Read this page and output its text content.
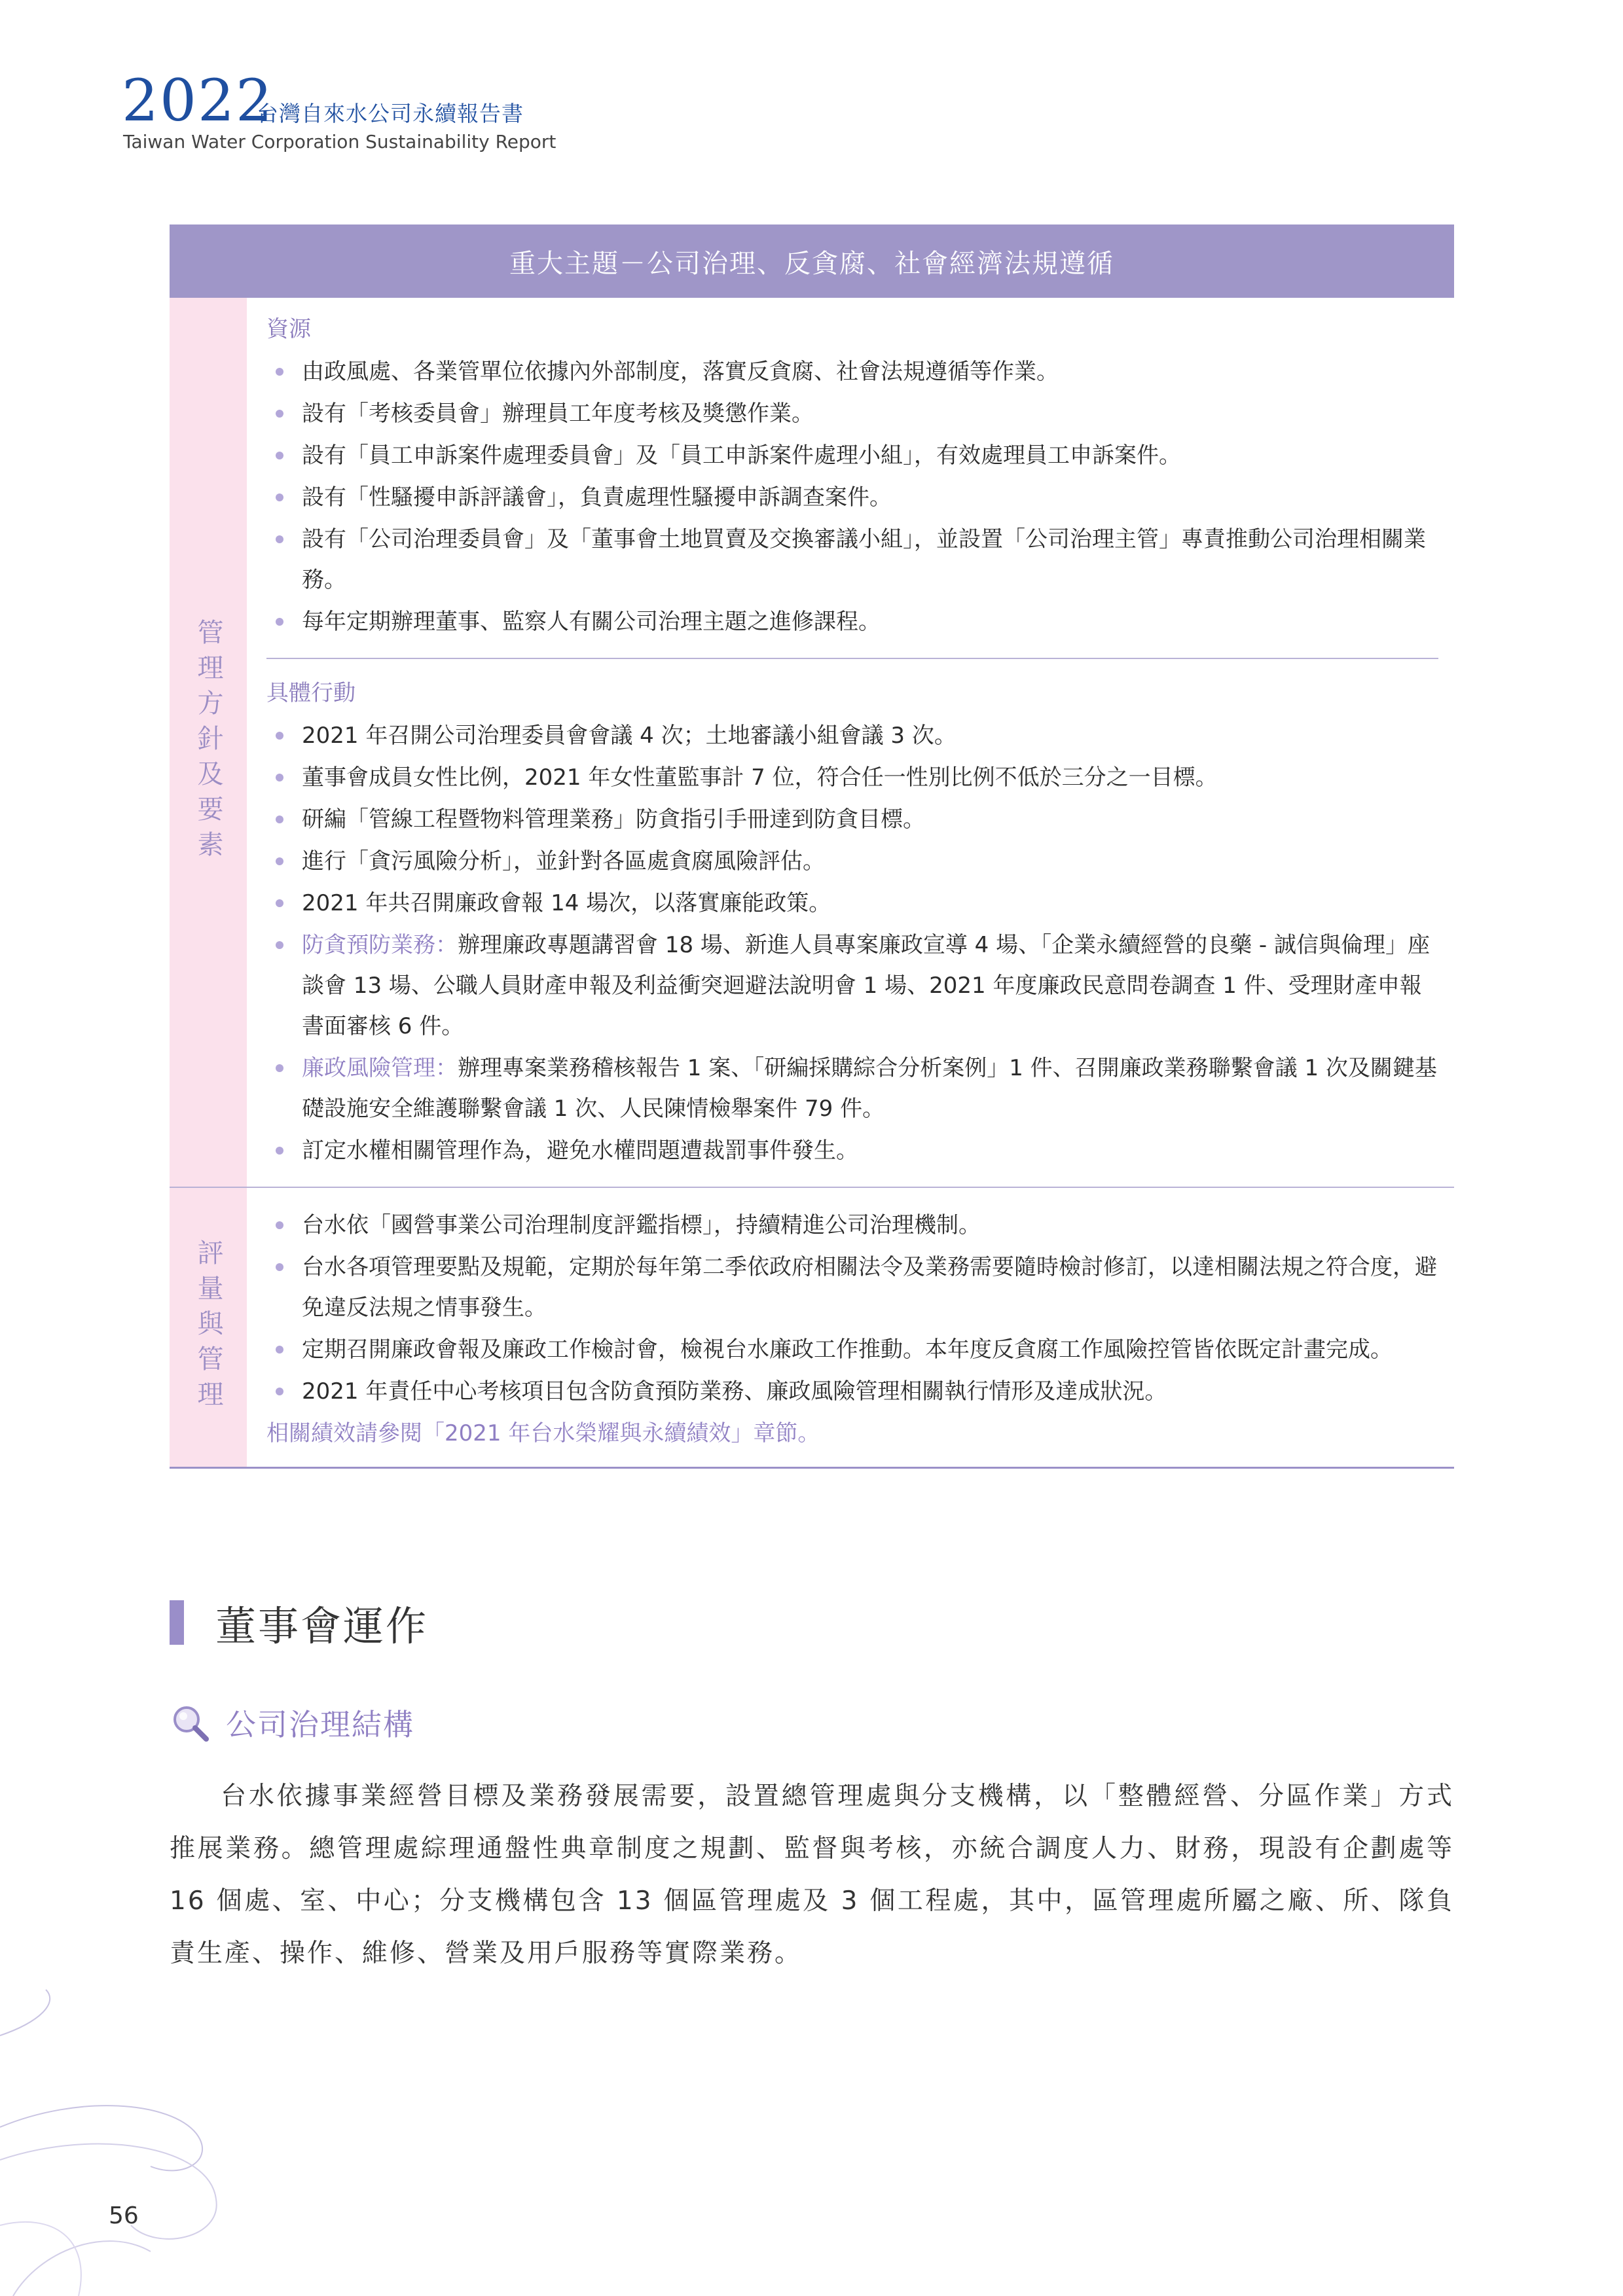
2022
台灣自來水公司永續報告書
Taiwan Water Corporation Sustainability Report
重大主題－公司治理、反貪腐、社會經濟法規遵循
管理方針及要素
資源
由政風處、各業管單位依據內外部制度，落實反貪腐、社會法規遵循等作業。
設有「考核委員會」辦理員工年度考核及獎懲作業。
設有「員工申訴案件處理委員會」及「員工申訴案件處理小組」，有效處理員工申訴案件。
設有「性騷擾申訴評議會」，負責處理性騷擾申訴調查案件。
設有「公司治理委員會」及「董事會土地買賣及交換審議小組」，並設置「公司治理主管」專責推動公司治理相關業務。
每年定期辦理董事、監察人有關公司治理主題之進修課程。
具體行動
2021 年召開公司治理委員會會議 4 次；土地審議小組會議 3 次。
董事會成員女性比例，2021 年女性董監事計 7 位，符合任一性別比例不低於三分之一目標。
研編「管線工程暨物料管理業務」防貪指引手冊達到防貪目標。
進行「貪污風險分析」，並針對各區處貪腐風險評估。
2021 年共召開廉政會報 14 場次，以落實廉能政策。
防貪預防業務：辦理廉政專題講習會 18 場、新進人員專案廉政宣導 4 場、「企業永續經營的良藥 - 誠信與倫理」座談會 13 場、公職人員財產申報及利益衝突迴避法說明會 1 場、2021 年度廉政民意問卷調查 1 件、受理財產申報書面審核 6 件。
廉政風險管理：辦理專案業務稽核報告 1 案、「研編採購綜合分析案例」1 件、召開廉政業務聯繫會議 1 次及關鍵基礎設施安全維護聯繫會議 1 次、人民陳情檢舉案件 79 件。
訂定水權相關管理作為，避免水權問題遭裁罰事件發生。
評量與管理
台水依「國營事業公司治理制度評鑑指標」，持續精進公司治理機制。
台水各項管理要點及規範，定期於每年第二季依政府相關法令及業務需要隨時檢討修訂，以達相關法規之符合度，避免違反法規之情事發生。
定期召開廉政會報及廉政工作檢討會，檢視台水廉政工作推動。本年度反貪腐工作風險控管皆依既定計畫完成。
2021 年責任中心考核項目包含防貪預防業務、廉政風險管理相關執行情形及達成狀況。
相關績效請參閱「2021 年台水榮耀與永續績效」章節。
董事會運作
公司治理結構
台水依據事業經營目標及業務發展需要，設置總管理處與分支機構，以「整體經營、分區作業」方式推展業務。總管理處綜理通盤性典章制度之規劃、監督與考核，亦統合調度人力、財務，現設有企劃處等 16 個處、室、中心；分支機構包含 13 個區管理處及 3 個工程處，其中，區管理處所屬之廠、所、隊負責生產、操作、維修、營業及用戶服務等實際業務。
56
